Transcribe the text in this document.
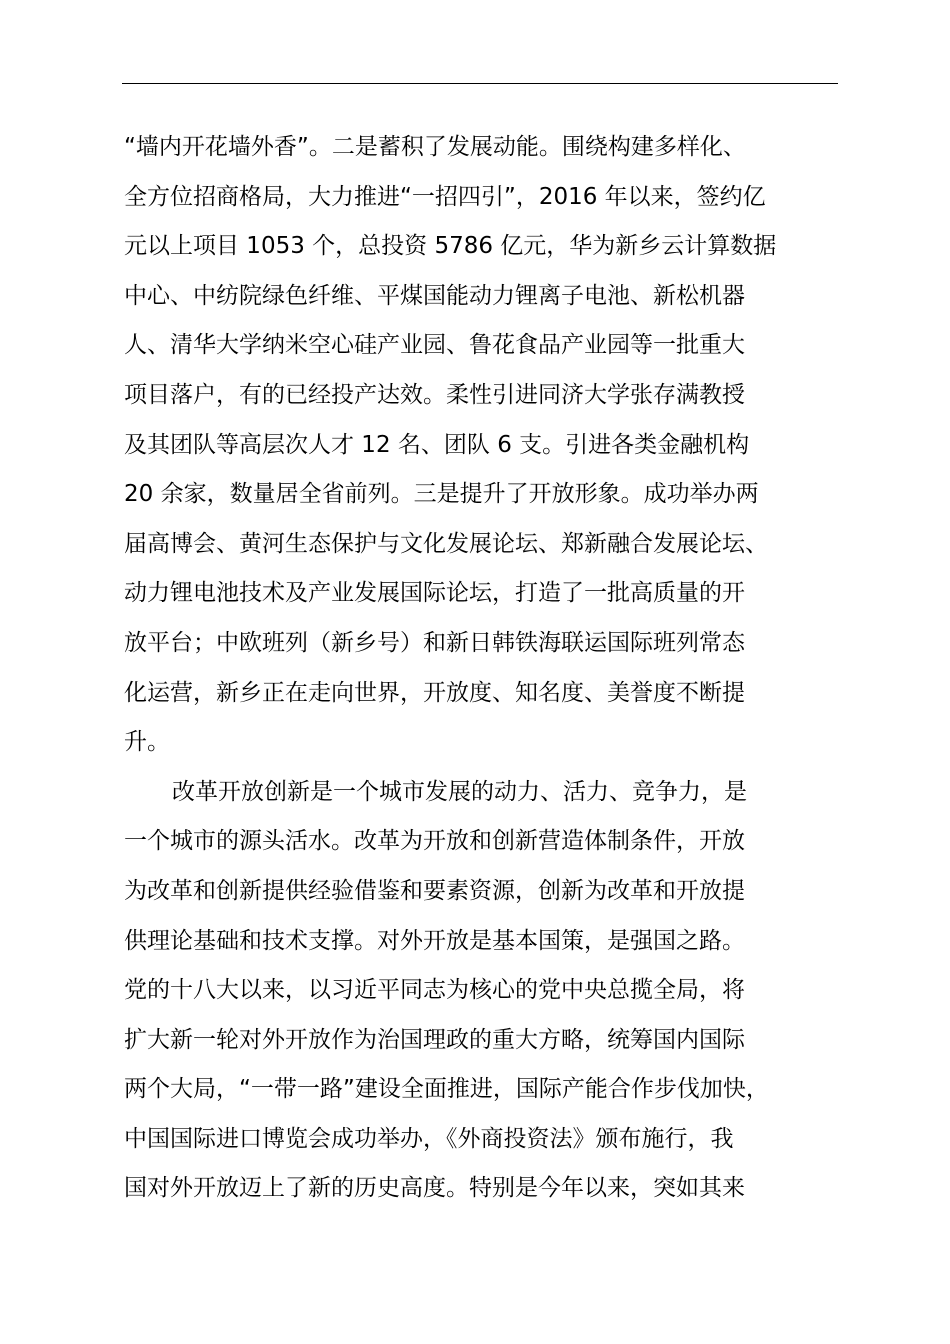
“墙内开花墙外香”。二是蓄积了发展动能。围绕构建多样化、
全方位招商格局，大力推进“一招四引”，2016 年以来，签约亿
元以上项目 1053 个，总投资 5786 亿元，华为新乡云计算数据
中心、中纺院绿色纤维、平煤国能动力锂离子电池、新松机器
人、清华大学纳米空心硅产业园、鲁花食品产业园等一批重大
项目落户，有的已经投产达效。柔性引进同济大学张存满教授
及其团队等高层次人才 12 名、团队 6 支。引进各类金融机构
20 余家，数量居全省前列。三是提升了开放形象。成功举办两
届高博会、黄河生态保护与文化发展论坛、郑新融合发展论坛、
动力锂电池技术及产业发展国际论坛，打造了一批高质量的开
放平台；中欧班列（新乡号）和新日韩铁海联运国际班列常态
化运营，新乡正在走向世界，开放度、知名度、美誉度不断提
升。
改革开放创新是一个城市发展的动力、活力、竞争力，是
一个城市的源头活水。改革为开放和创新营造体制条件，开放
为改革和创新提供经验借鉴和要素资源，创新为改革和开放提
供理论基础和技术支撑。对外开放是基本国策，是强国之路。
党的十八大以来，以习近平同志为核心的党中央总揽全局，将
扩大新一轮对外开放作为治国理政的重大方略，统筹国内国际
两个大局，“一带一路”建设全面推进，国际产能合作步伐加快，
中国国际进口博览会成功举办，《外商投资法》颁布施行，我
国对外开放迈上了新的历史高度。特别是今年以来，突如其来
